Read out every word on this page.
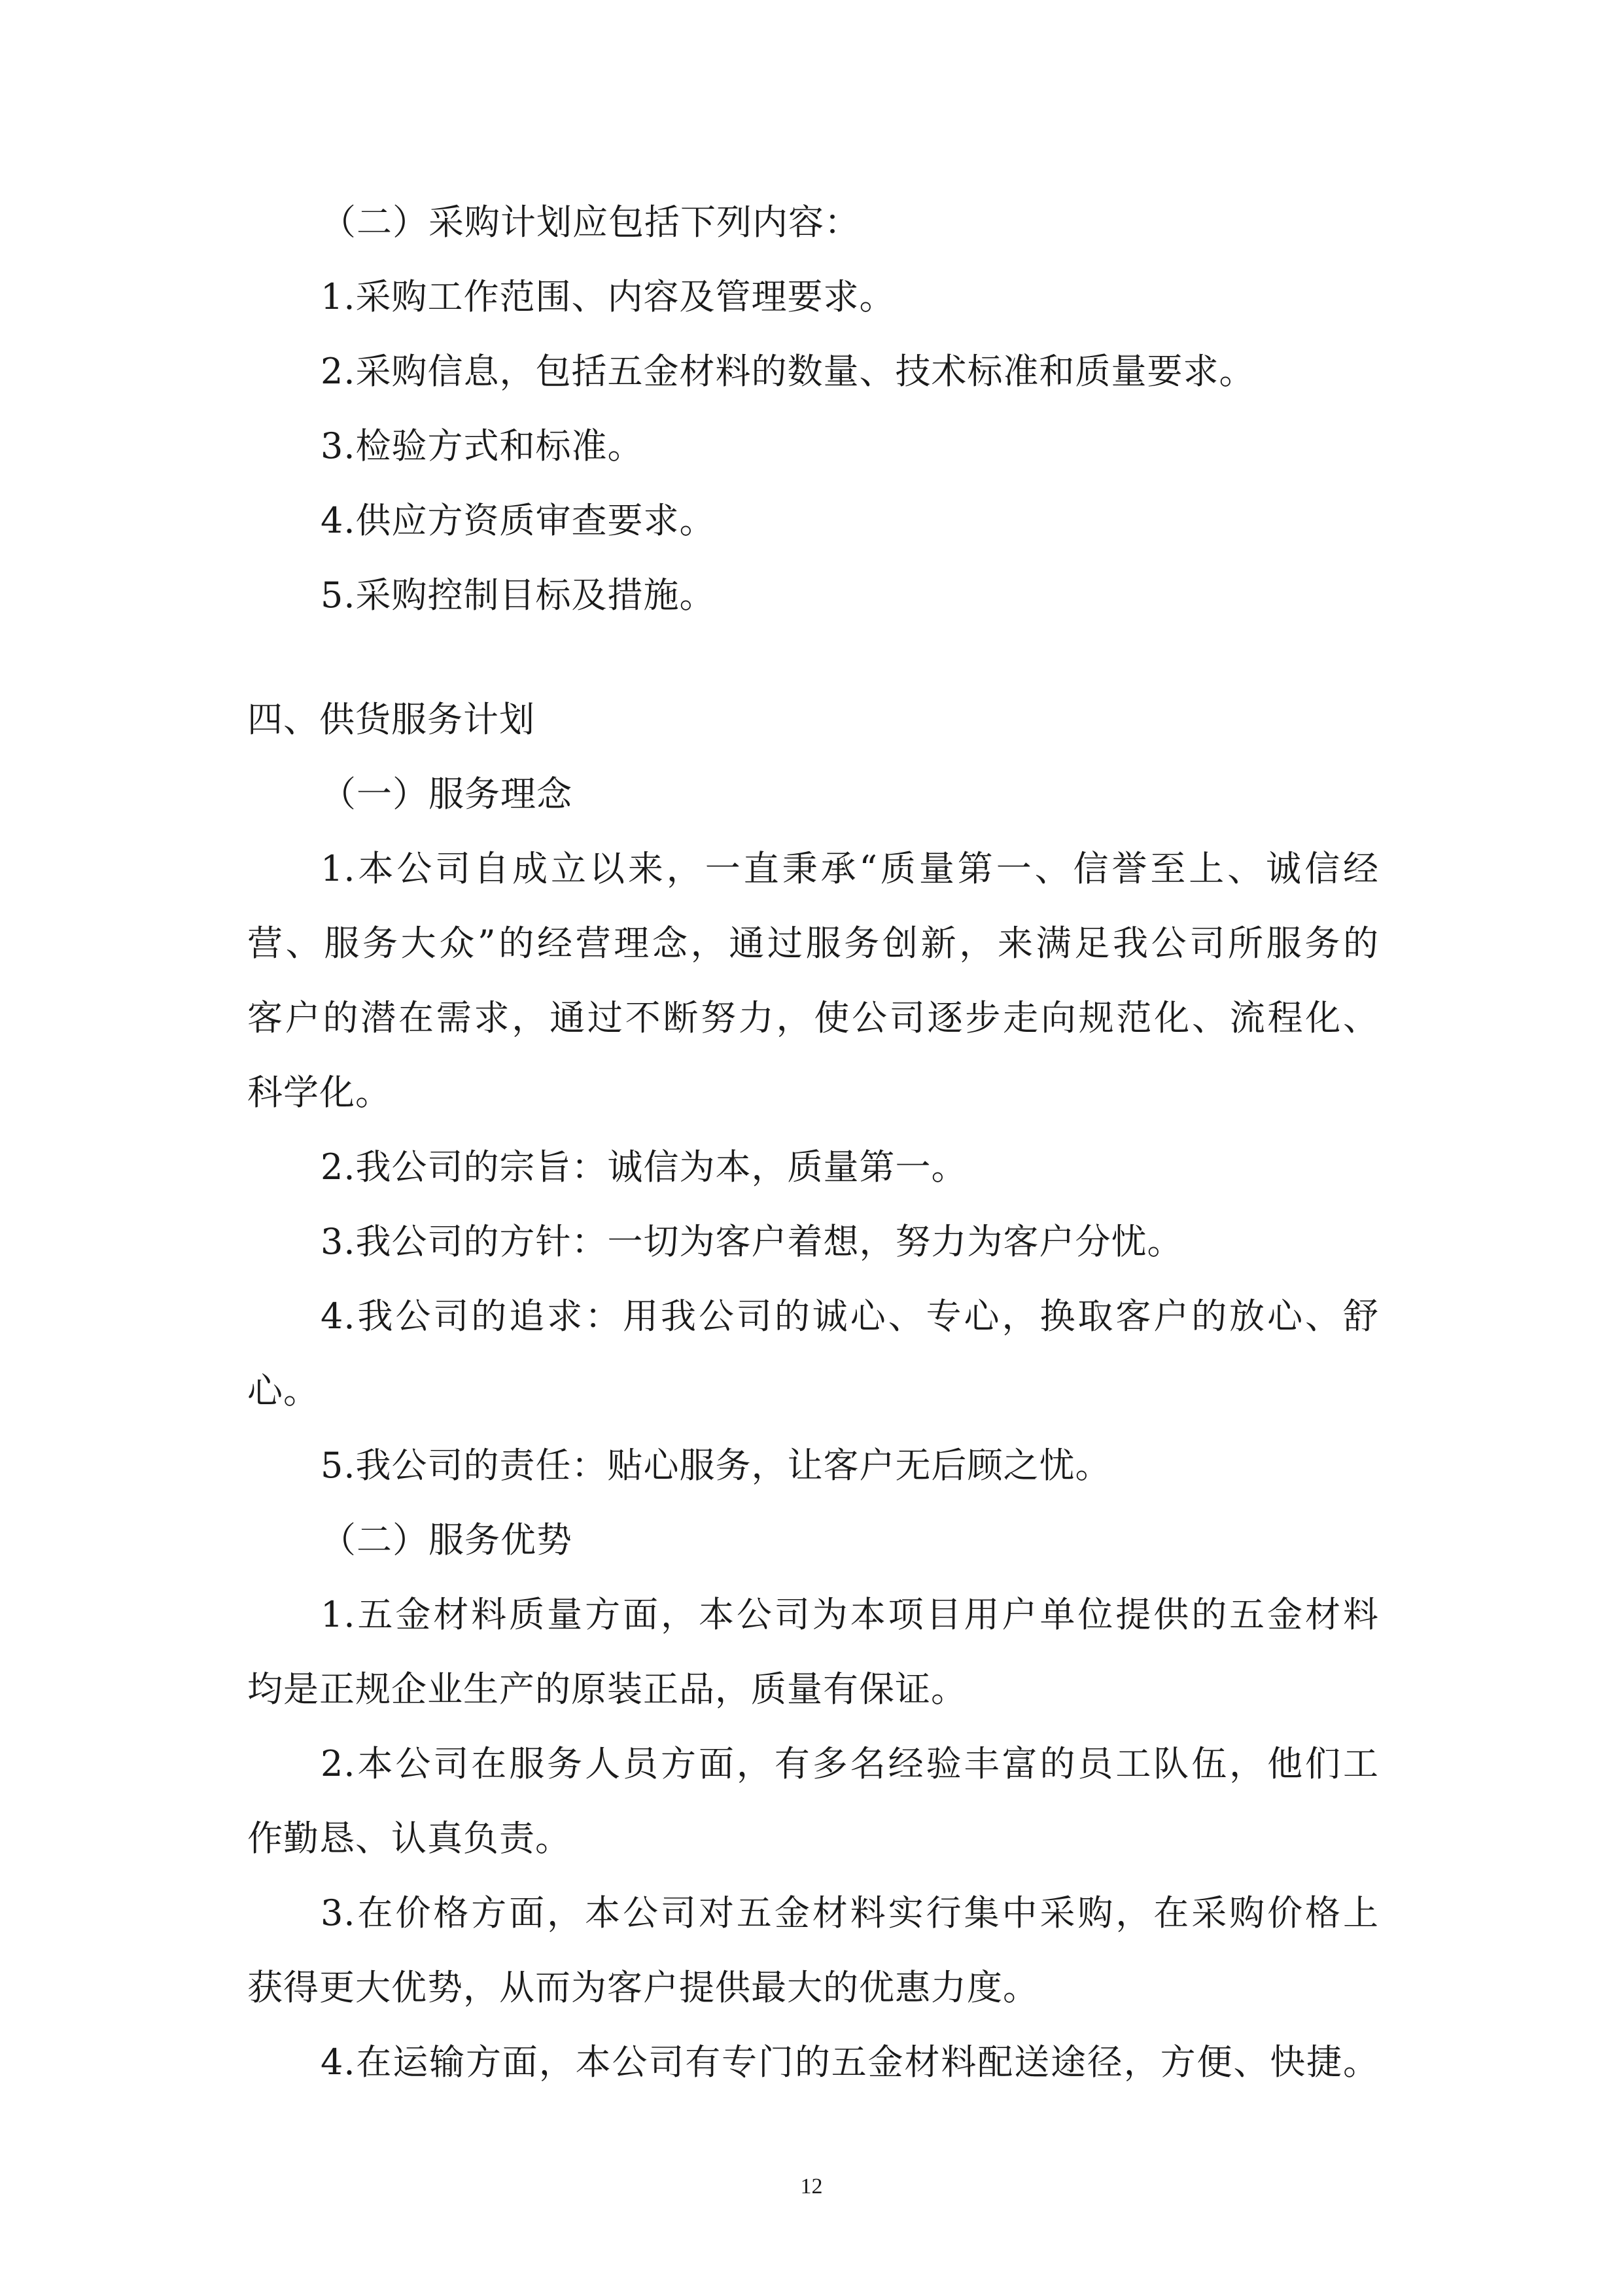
（二）采购计划应包括下列内容：
1.采购工作范围、内容及管理要求。
2.采购信息，包括五金材料的数量、技术标准和质量要求。
3.检验方式和标准。
4.供应方资质审查要求。
5.采购控制目标及措施。
四、供货服务计划
（一）服务理念
1.本公司自成立以来，一直秉承“质量第一、信誉至上、诚信经
营、服务大众”的经营理念，通过服务创新，来满足我公司所服务的
客户的潜在需求，通过不断努力，使公司逐步走向规范化、流程化、
科学化。
2.我公司的宗旨：诚信为本，质量第一。
3.我公司的方针：一切为客户着想，努力为客户分忧。
4.我公司的追求：用我公司的诚心、专心，换取客户的放心、舒
心。
5.我公司的责任：贴心服务，让客户无后顾之忧。
（二）服务优势
1.五金材料质量方面，本公司为本项目用户单位提供的五金材料
均是正规企业生产的原装正品，质量有保证。
2.本公司在服务人员方面，有多名经验丰富的员工队伍，他们工
作勤恳、认真负责。
3.在价格方面，本公司对五金材料实行集中采购，在采购价格上
获得更大优势，从而为客户提供最大的优惠力度。
4.在运输方面，本公司有专门的五金材料配送途径，方便、快捷。
12
